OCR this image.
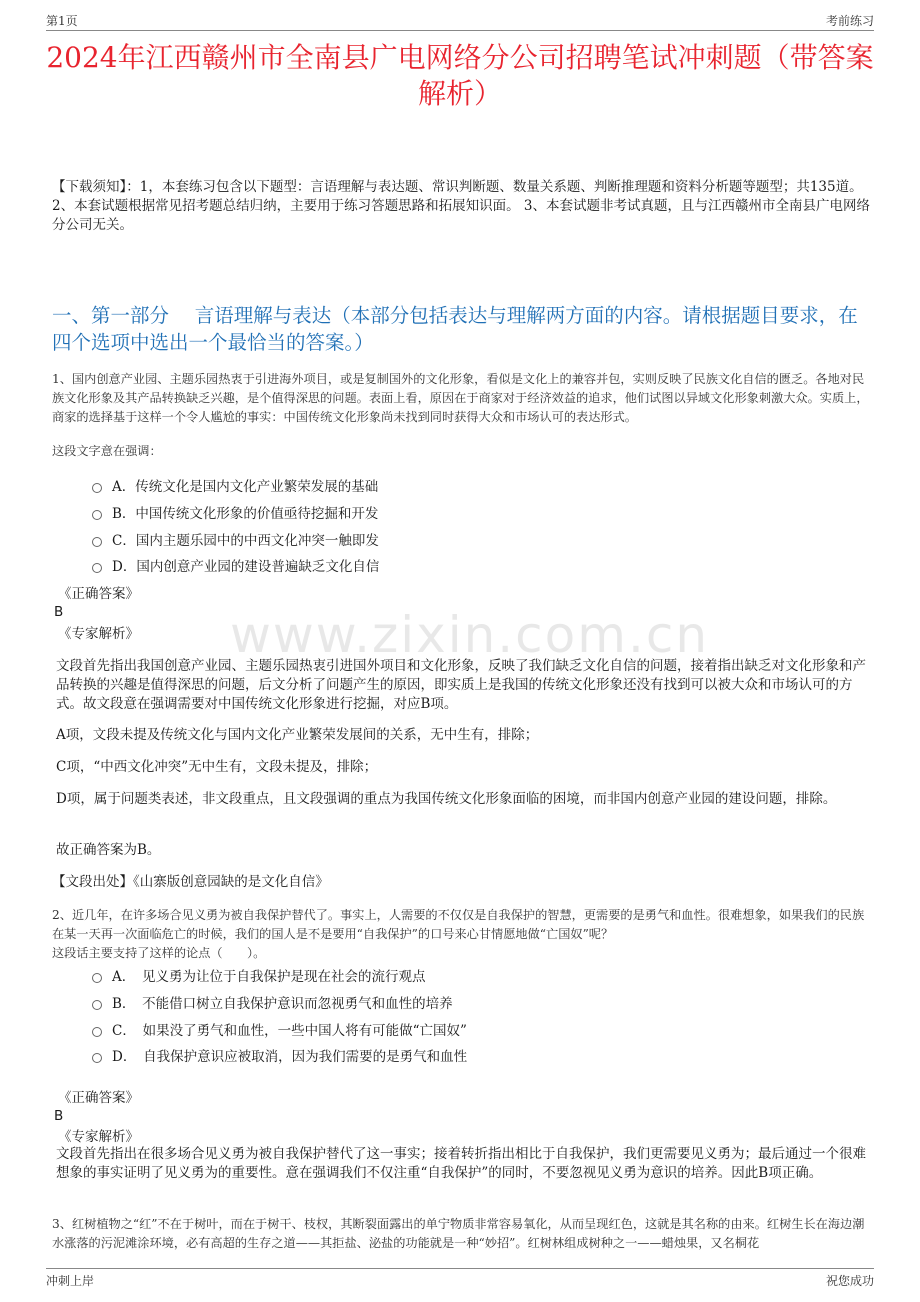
第1页	考前练习
2024年江西赣州市全南县广电网络分公司招聘笔试冲刺题（带答案解析）

【下载须知】：1，本套练习包含以下题型：言语理解与表达题、常识判断题、数量关系题、判断推理题和资料分析题等题型；共135道。 2、本套试题根据常见招考题总结归纳，主要用于练习答题思路和拓展知识面。 3、本套试题非考试真题，且与江西赣州市全南县广电网络分公司无关。

一、第一部分　 言语理解与表达（本部分包括表达与理解两方面的内容。请根据题目要求，在四个选项中选出一个最恰当的答案。）

1、国内创意产业园、主题乐园热衷于引进海外项目，或是复制国外的文化形象，看似是文化上的兼容并包，实则反映了民族文化自信的匮乏。各地对民族文化形象及其产品转换缺乏兴趣，是个值得深思的问题。表面上看，原因在于商家对于经济效益的追求，他们试图以异域文化形象刺激大众。实质上，商家的选择基于这样一个令人尴尬的事实：中国传统文化形象尚未找到同时获得大众和市场认可的表达形式。

这段文字意在强调：

A．传统文化是国内文化产业繁荣发展的基础
B．中国传统文化形象的价值亟待挖掘和开发
C．国内主题乐园中的中西文化冲突一触即发
D．国内创意产业园的建设普遍缺乏文化自信
《正确答案》
B
《专家解析》

文段首先指出我国创意产业园、主题乐园热衷引进国外项目和文化形象，反映了我们缺乏文化自信的问题，接着指出缺乏对文化形象和产品转换的兴趣是值得深思的问题，后文分析了问题产生的原因，即实质上是我国的传统文化形象还没有找到可以被大众和市场认可的方式。故文段意在强调需要对中国传统文化形象进行挖掘，对应B项。

A项，文段未提及传统文化与国内文化产业繁荣发展间的关系，无中生有，排除；

C项，“中西文化冲突”无中生有，文段未提及，排除；

D项，属于问题类表述，非文段重点，且文段强调的重点为我国传统文化形象面临的困境，而非国内创意产业园的建设问题，排除。

故正确答案为B。

【文段出处】《山寨版创意园缺的是文化自信》

www.zixin.com.cn

2、近几年，在许多场合见义勇为被自我保护替代了。事实上，人需要的不仅仅是自我保护的智慧，更需要的是勇气和血性。很难想象，如果我们的民族在某一天再一次面临危亡的时候，我们的国人是不是要用“自我保护”的口号来心甘情愿地做“亡国奴”呢？

这段话主要支持了这样的论点（　　）。

A．　见义勇为让位于自我保护是现在社会的流行观点
B．　不能借口树立自我保护意识而忽视勇气和血性的培养
C．　如果没了勇气和血性，一些中国人将有可能做“亡国奴”
D．　自我保护意识应被取消，因为我们需要的是勇气和血性
《正确答案》
B
《专家解析》

文段首先指出在很多场合见义勇为被自我保护替代了这一事实；接着转折指出相比于自我保护，我们更需要见义勇为；最后通过一个很难想象的事实证明了见义勇为的重要性。意在强调我们不仅注重“自我保护”的同时，不要忽视见义勇为意识的培养。因此B项正确。

3、红树植物之“红”不在于树叶，而在于树干、枝杈，其断裂面露出的单宁物质非常容易氧化，从而呈现红色，这就是其名称的由来。红树生长在海边潮水涨落的污泥滩涂环境，必有高超的生存之道——其拒盐、泌盐的功能就是一种“妙招”。红树林组成树种之一——蜡烛果，又名桐花

冲刺上岸	祝您成功
